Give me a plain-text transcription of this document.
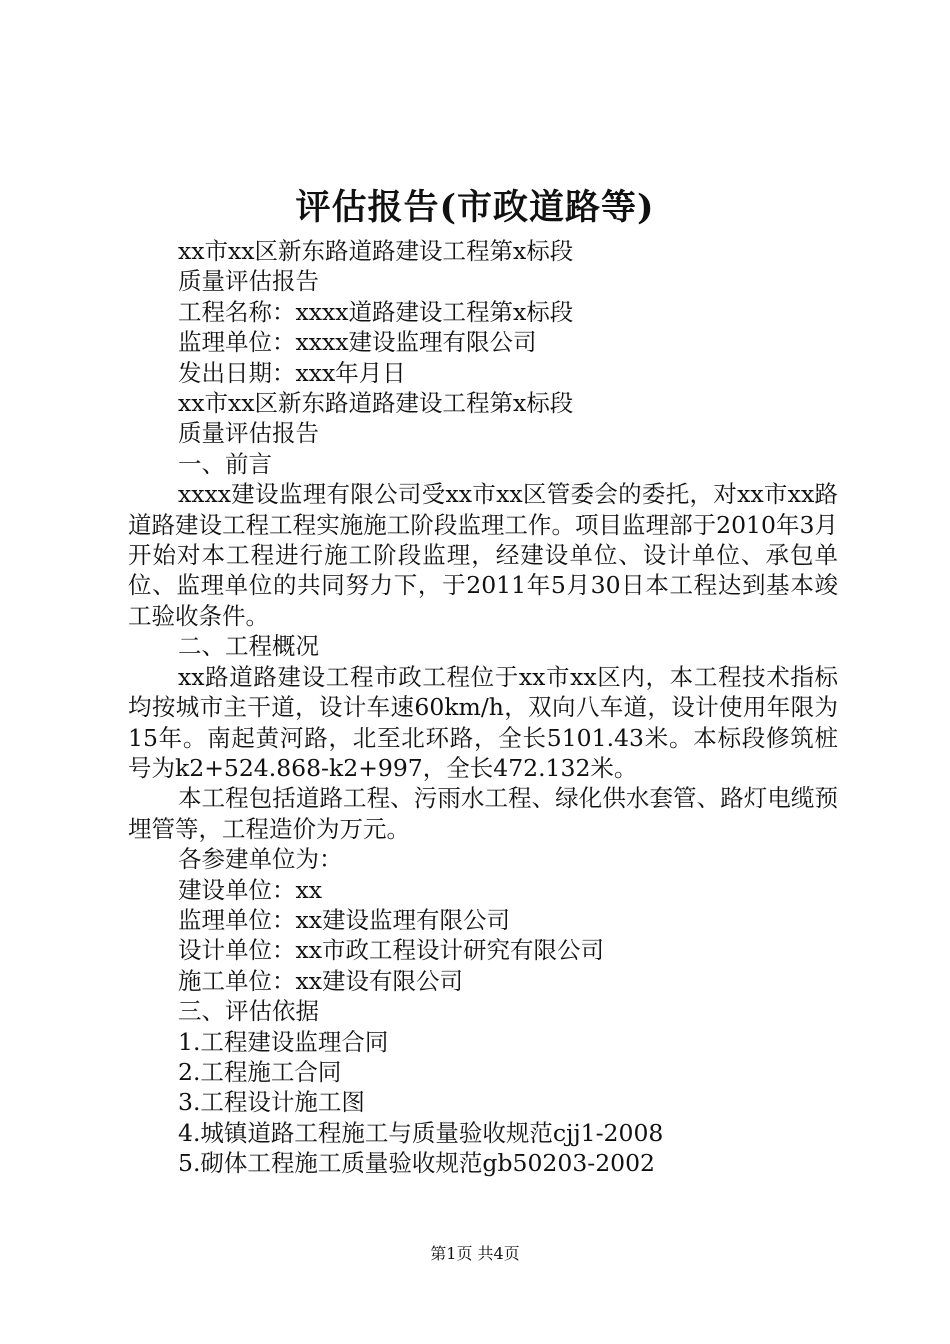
评估报告(市政道路等)

xx市xx区新东路道路建设工程第x标段

质量评估报告

工程名称：xxxx道路建设工程第x标段

监理单位：xxxx建设监理有限公司

发出日期：xxx年月日

xx市xx区新东路道路建设工程第x标段

质量评估报告

一、前言

xxxx建设监理有限公司受xx市xx区管委会的委托，对xx市xx路道路建设工程工程实施施工阶段监理工作。项目监理部于2010年3月开始对本工程进行施工阶段监理，经建设单位、设计单位、承包单位、监理单位的共同努力下，于2011年5月30日本工程达到基本竣工验收条件。

二、工程概况

xx路道路建设工程市政工程位于xx市xx区内，本工程技术指标均按城市主干道，设计车速60km/h，双向八车道，设计使用年限为15年。南起黄河路，北至北环路，全长5101.43米。本标段修筑桩号为k2+524.868-k2+997，全长472.132米。

本工程包括道路工程、污雨水工程、绿化供水套管、路灯电缆预埋管等，工程造价为万元。

各参建单位为：

建设单位：xx

监理单位：xx建设监理有限公司

设计单位：xx市政工程设计研究有限公司

施工单位：xx建设有限公司

三、评估依据

1.工程建设监理合同

2.工程施工合同

3.工程设计施工图

4.城镇道路工程施工与质量验收规范cjj1-2008

5.砌体工程施工质量验收规范gb50203-2002

第1页 共4页
